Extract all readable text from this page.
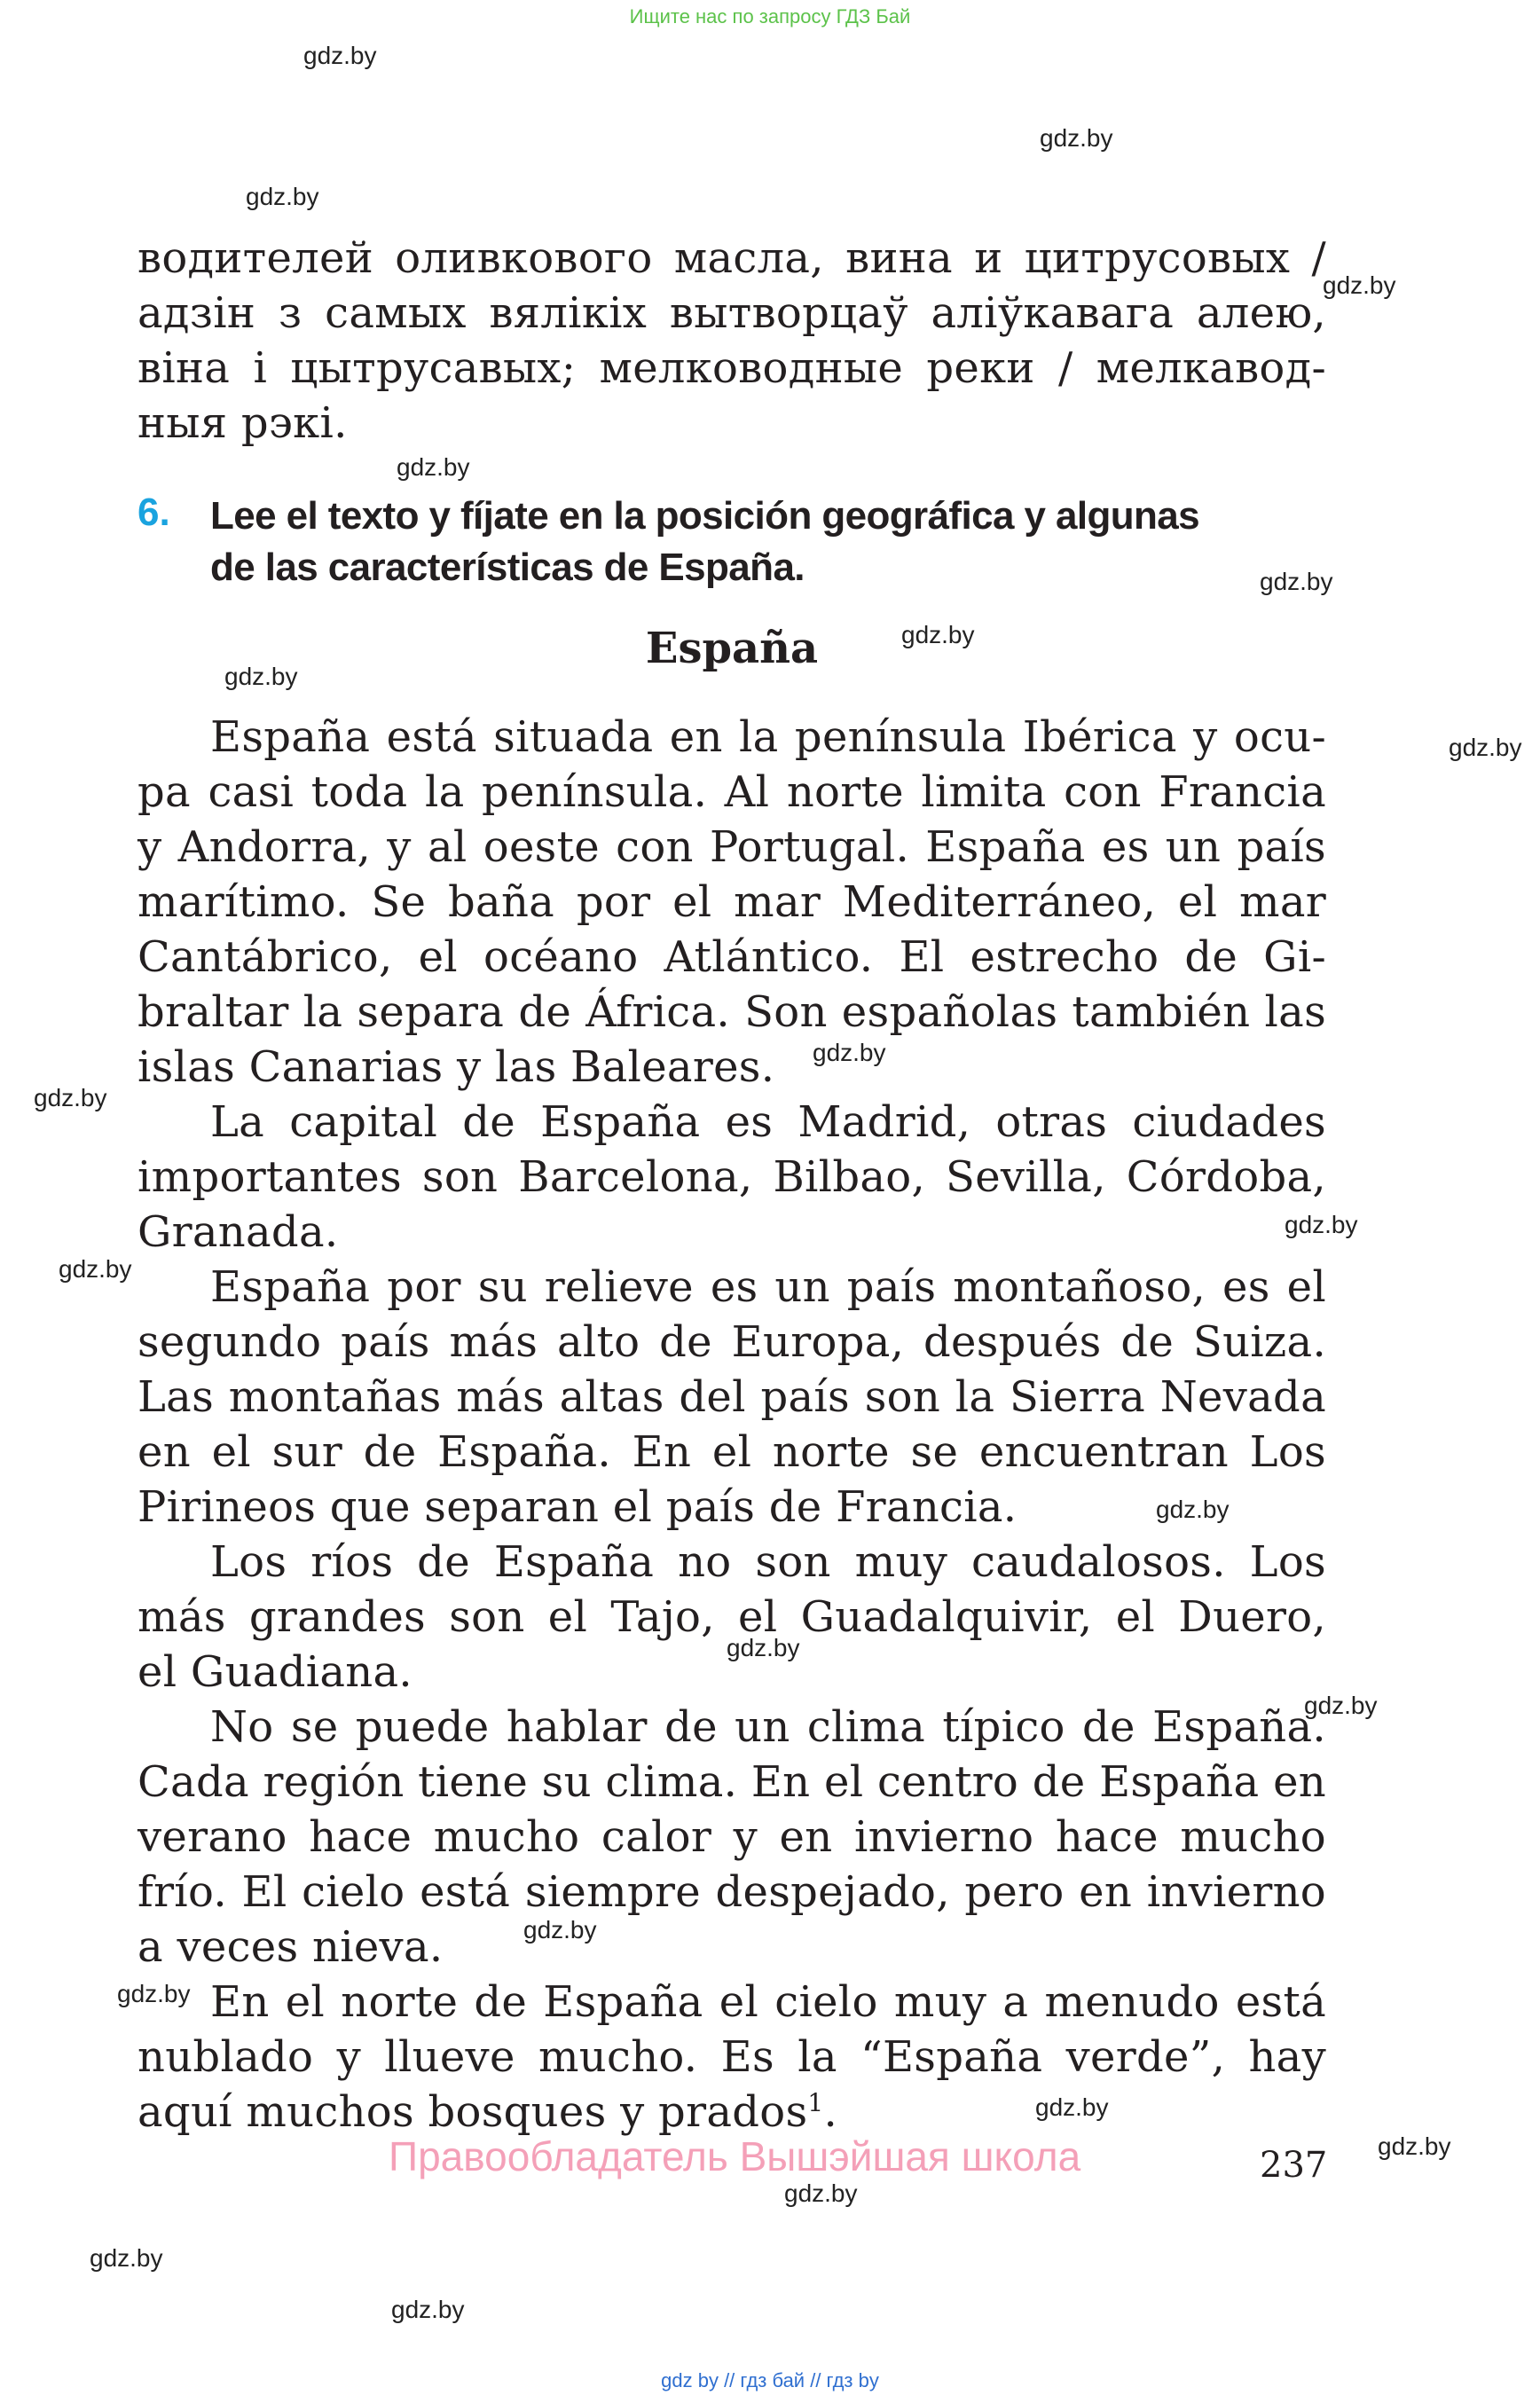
Ищите нас по запросу ГДЗ Бай
gdz.by
gdz.by
gdz.by
gdz.by
gdz.by
gdz.by
gdz.by
gdz.by
gdz.by
gdz.by
gdz.by
gdz.by
gdz.by
gdz.by
gdz.by
gdz.by
gdz.by
gdz.by
gdz.by
gdz.by
gdz.by
gdz.by
gdz.by
водителей оливкового масла, вина и цитрусовых /
адзін з самых вялікіх вытворцаў аліўкавага алею,
віна і цытрусавых; мелководные реки / мелкавод-
ныя рэкі.
6. Lee el texto y fíjate en la posición geográfica y algunas
de las características de España.
España
España está situada en la península Ibérica y ocu-
pa casi toda la península. Al norte limita con Francia
y Andorra, y al oeste con Portugal. España es un país
marítimo. Se baña por el mar Mediterráneo, el mar
Cantábrico, el océano Atlántico. El estrecho de Gi-
braltar la separa de África. Son españolas también las
islas Canarias y las Baleares.
La capital de España es Madrid, otras ciudades
importantes son Barcelona, Bilbao, Sevilla, Córdoba,
Granada.
España por su relieve es un país montañoso, es el
segundo país más alto de Europa, después de Suiza.
Las montañas más altas del país son la Sierra Nevada
en el sur de España. En el norte se encuentran Los
Pirineos que separan el país de Francia.
Los ríos de España no son muy caudalosos. Los
más grandes son el Tajo, el Guadalquivir, el Duero,
el Guadiana.
No se puede hablar de un clima típico de España.
Cada región tiene su clima. En el centro de España en
verano hace mucho calor y en invierno hace mucho
frío. El cielo está siempre despejado, pero en invierno
a veces nieva.
En el norte de España el cielo muy a menudo está
nublado y llueve mucho. Es la “España verde”, hay
aquí muchos bosques y prados$^1$.
Правообладатель Вышэйшая школа	237
gdz by // гдз бай // гдз by
